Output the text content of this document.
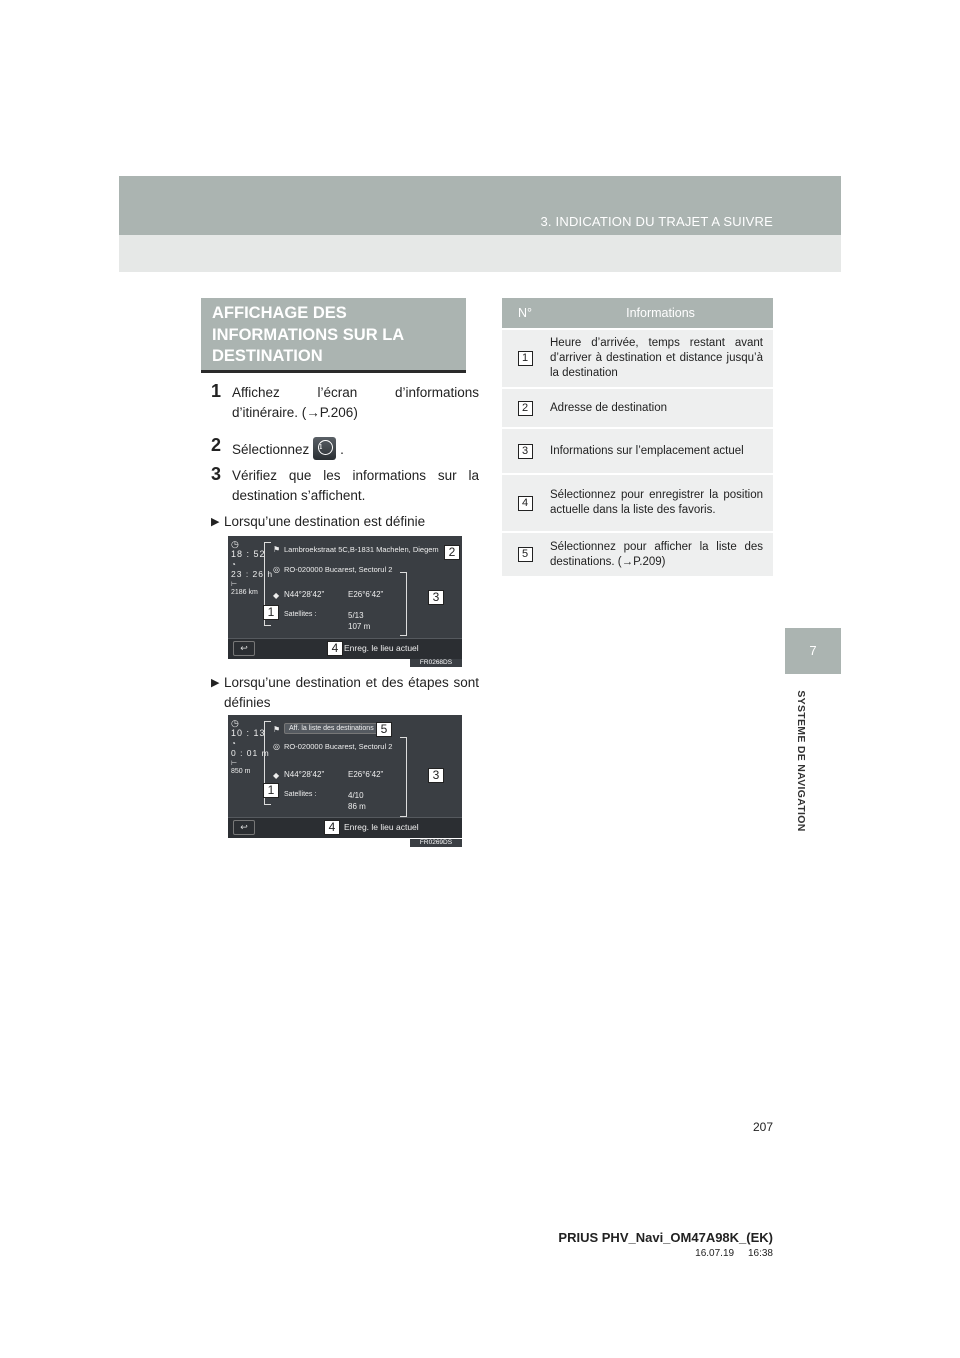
3. INDICATION DU TRAJET A SUIVRE
7
SYSTEME DE NAVIGATION
AFFICHAGE DES INFORMATIONS SUR LA DESTINATION
1 Affichez l’écran d’informations d’itinéraire. (→P.206)
2 Sélectionnez i	.
3 Vérifiez que les informations sur la destination s’affichent.
▶ Lorsqu’une destination est définie
◷
18 : 52
◔
23 : 26 h
⊢
2186 km
⚑ Lambroekstraat 5C,B-1831 Machelen, Diegem
◎ RO-020000 Bucarest, Sectorul 2
◆ N44°28’42”	E26°6’42”
Satellites :	5/13
107 m
↩	Enreg. le lieu actuel
2
3
1
4
FR0268DS
▶ Lorsqu’une destination et des étapes sont définies
◷
10 : 13
◔
0 : 01 m
⊢
850 m
⚑	Aff. la liste des destinations
◎ RO-020000 Bucarest, Sectorul 2
◆ N44°28’42”	E26°6’42”
Satellites :	4/10
86 m
↩	Enreg. le lieu actuel
5
3
1
4
FR0269DS
N°	Informations
1	Heure d’arrivée, temps restant avant d’arriver à destination et distance jusqu’à la destination
2	Adresse de destination
3	Informations sur l’emplacement actuel
4	Sélectionnez pour enregistrer la position actuelle dans la liste des favoris.
5	Sélectionnez pour afficher la liste des destinations. (→P.209)
207
PRIUS PHV_Navi_OM47A98K_(EK)
16.07.19     16:38
